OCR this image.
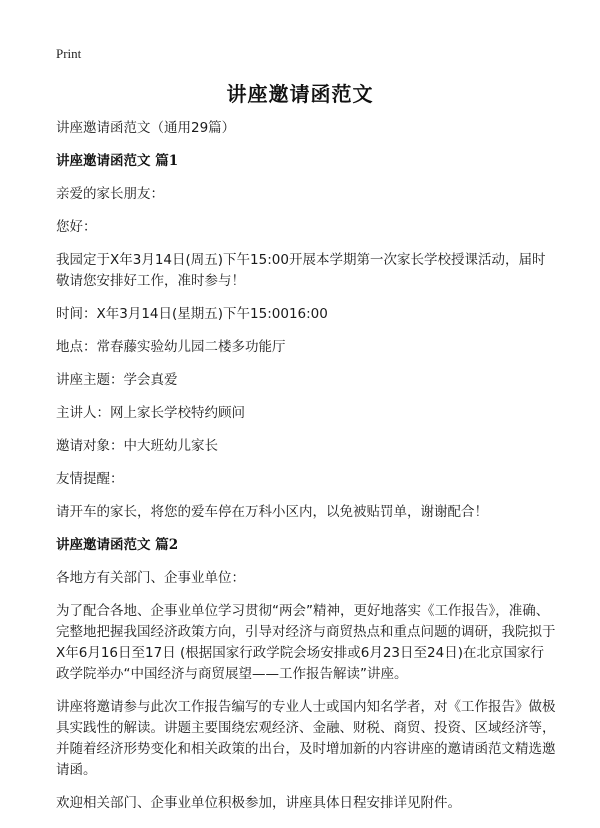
Print
讲座邀请函范文

讲座邀请函范文（通用29篇）

讲座邀请函范文 篇1

亲爱的家长朋友：

您好：

我园定于X年3月14日(周五)下午15:00开展本学期第一次家长学校授课活动，届时敬请您安排好工作，准时参与！

时间：X年3月14日(星期五)下午15:0016:00

地点：常春藤实验幼儿园二楼多功能厅

讲座主题：学会真爱

主讲人：网上家长学校特约顾问

邀请对象：中大班幼儿家长

友情提醒：

请开车的家长，将您的爱车停在万科小区内，以免被贴罚单，谢谢配合！

讲座邀请函范文 篇2

各地方有关部门、企事业单位：

为了配合各地、企事业单位学习贯彻“两会”精神，更好地落实《工作报告》，准确、完整地把握我国经济政策方向，引导对经济与商贸热点和重点问题的调研，我院拟于X年6月16日至17日 (根据国家行政学院会场安排或6月23日至24日)在北京国家行政学院举办“中国经济与商贸展望——工作报告解读”讲座。

讲座将邀请参与此次工作报告编写的专业人士或国内知名学者，对《工作报告》做极具实践性的解读。讲题主要围绕宏观经济、金融、财税、商贸、投资、区域经济等，并随着经济形势变化和相关政策的出台，及时增加新的内容讲座的邀请函范文精选邀请函。

欢迎相关部门、企事业单位积极参加，讲座具体日程安排详见附件。
